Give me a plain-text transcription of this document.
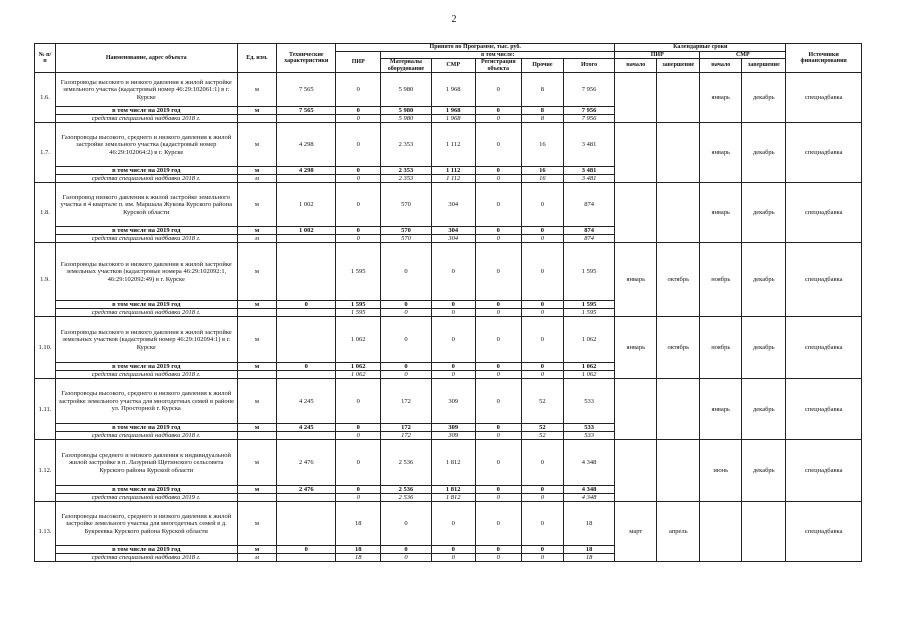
2
№ п/п	Наименование, адрес объекта	Ед. изм.	Технические характеристики	Принято по Программе, тыс. руб.						Календарные сроки				Источники финансирования
				ПИР	в том числе:					ПИР		СМР		
					Материалы оборудование	СМР	Регистрация объекта	Прочие	Итого	начало	завершение	начало	завершение	
1.6.	Газопроводы высокого и низкого давления к жилой застройке земельного участка (кадастровый номер 46:29:102061:1) в г. Курске	м	7 565	0	5 980	1 968	0	8	7 956			январь	декабрь	спецнадбавка
	в том числе на 2019 год	м	7 565	0	5 980	1 968	0	8	7 956					
	средства специальной надбавки 2018 г.			0	5 980	1 968	0	8	7 956					
1.7.	Газопроводы высокого, среднего и низкого давления к жилой застройке земельного участка (кадастровый номер 46:29:102064:2) в г. Курске	м	4 298	0	2 353	1 112	0	16	3 481			январь	декабрь	спецнадбавка
	в том числе на 2019 год	м	4 298	0	2 353	1 112	0	16	3 481					
	средства специальной надбавки 2018 г.	м		0	2 353	1 112	0	16	3 481					
1.8.	Газопровод низкого давления к жилой застройке земельного участка в 4 квартале п. им. Маршала Жукова Курского района Курской области	м	1 002	0	570	304	0	0	874			январь	декабрь	спецнадбавка
	в том числе на 2019 год	м	1 002	0	570	304	0	0	874					
	средства специальной надбавки 2018 г.	м		0	570	304	0	0	874					
1.9.	Газопроводы высокого и низкого давления к жилой застройке земельных участков (кадастровые номера 46:29:102092:1, 46:29:102092:49) в г. Курске	м		1 595	0	0	0	0	1 595	январь	октябрь	ноябрь	декабрь	спецнадбавка
	в том числе на 2019 год	м	0	1 595	0	0	0	0	1 595					
	средства специальной надбавки 2018 г.			1 595	0	0	0	0	1 595					
1.10.	Газопроводы высокого и низкого давления к жилой застройке земельных участков (кадастровый номер 46:29:102094:1) в г. Курске	м		1 062	0	0	0	0	1 062	январь	октябрь	ноябрь	декабрь	спецнадбавка
	в том числе на 2019 год	м	0	1 062	0	0	0	0	1 062					
	средства специальной надбавки 2018 г.			1 062	0	0	0	0	1 062					
1.11.	Газопроводы высокого, среднего и низкого давления к жилой застройке земельного участка для многодетных семей в районе ул. Просторной г. Курска	м	4 245	0	172	309	0	52	533			январь	декабрь	спецнадбавка
	в том числе на 2019 год	м	4 245	0	172	309	0	52	533					
	средства специальной надбавки 2018 г.			0	172	309	0	52	533					
1.12.	Газопроводы среднего и низкого давления к индивидуальной жилой застройке в п. Лазурный Щетинского сельсовета Курского района Курской области	м	2 476	0	2 536	1 812	0	0	4 348			июнь	декабрь	спецнадбавка
	в том числе на 2019 год	м	2 476	0	2 536	1 812	0	0	4 348					
	средства специальной надбавки 2019 г.			0	2 536	1 812	0	0	4 348					
1.13.	Газопроводы высокого, среднего и низкого давления к жилой застройке земельного участка для многодетных семей в д. Букреевка Курского района Курской области	м		18	0	0	0	0	18	март	апрель			спецнадбавка
	в том числе на 2019 год	м	0	18	0	0	0	0	18					
	средства специальной надбавки 2018 г.	м		18	0	0	0	0	18					
